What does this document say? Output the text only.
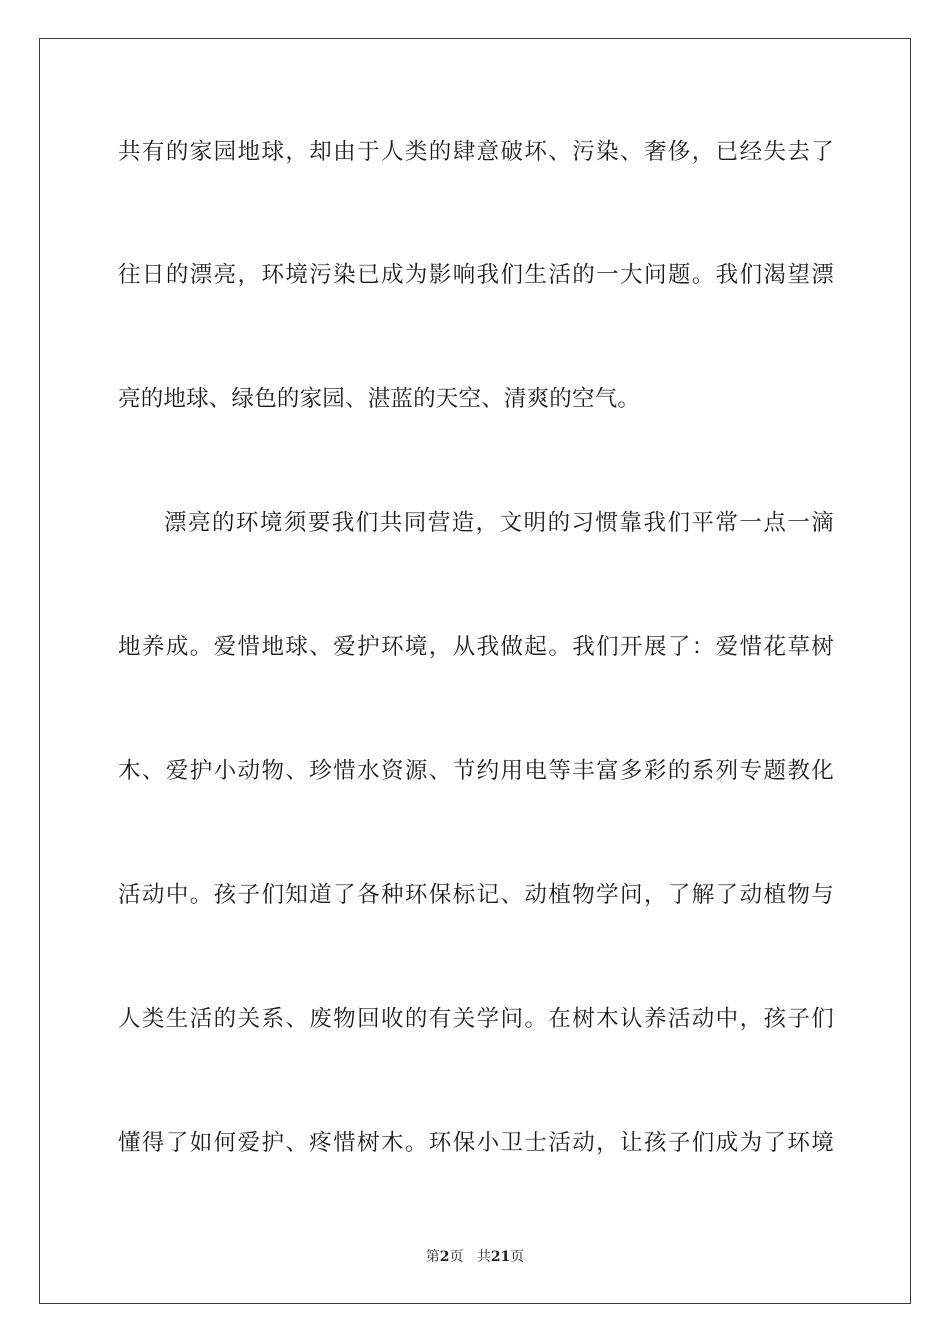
共有的家园地球，却由于人类的肆意破坏、污染、奢侈，已经失去了
往日的漂亮，环境污染已成为影响我们生活的一大问题。我们渴望漂
亮的地球、绿色的家园、湛蓝的天空、清爽的空气。
漂亮的环境须要我们共同营造，文明的习惯靠我们平常一点一滴
地养成。爱惜地球、爱护环境，从我做起。我们开展了：爱惜花草树
木、爱护小动物、珍惜水资源、节约用电等丰富多彩的系列专题教化
活动中。孩子们知道了各种环保标记、动植物学问，了解了动植物与
人类生活的关系、废物回收的有关学问。在树木认养活动中，孩子们
懂得了如何爱护、疼惜树木。环保小卫士活动，让孩子们成为了环境
第2页 共21页
